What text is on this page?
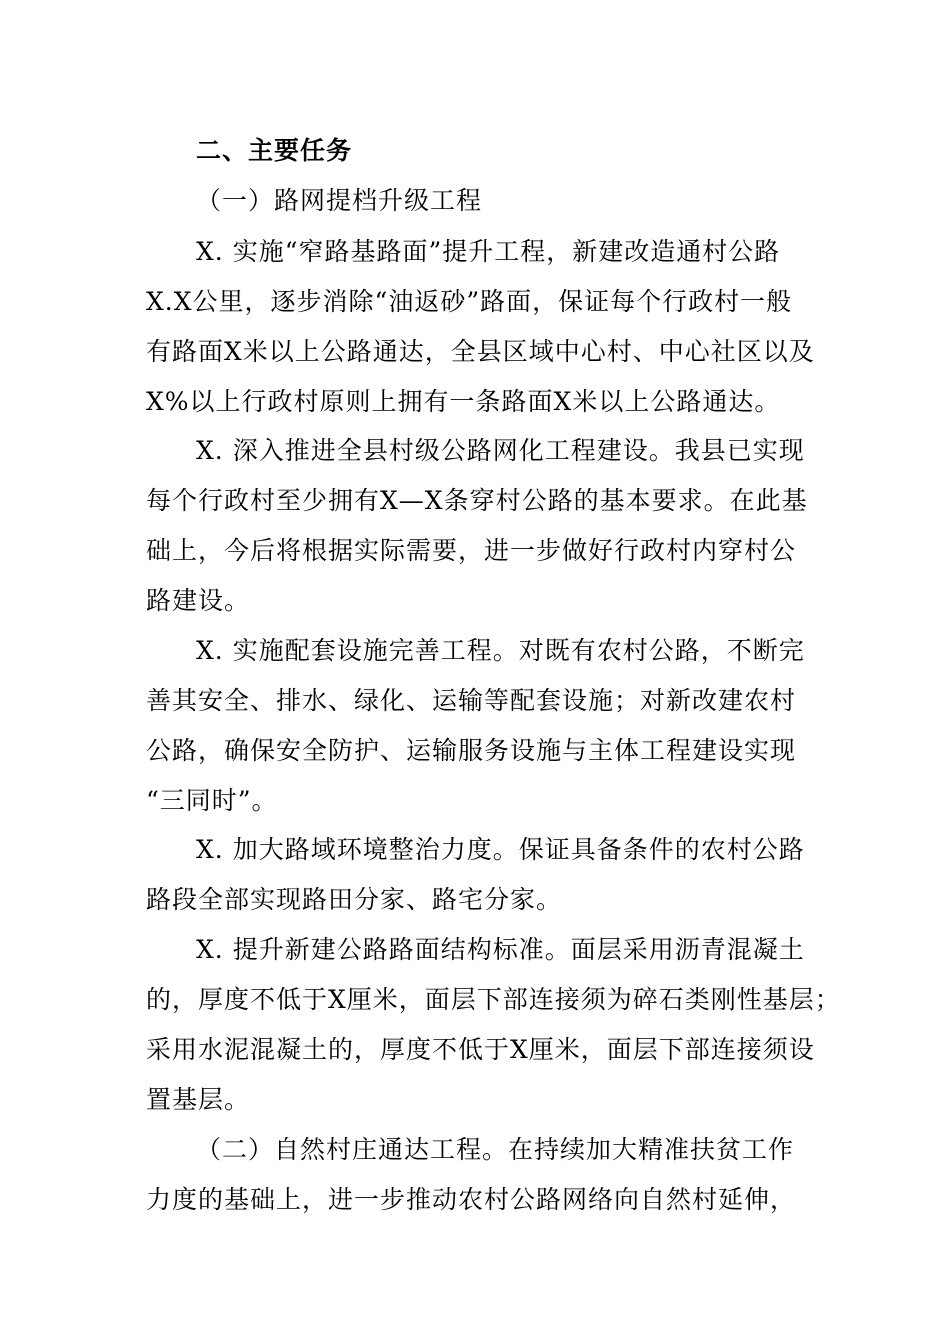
二、主要任务
（一）路网提档升级工程
X. 实施“窄路基路面”提升工程，新建改造通村公路
X.X公里，逐步消除“油返砂”路面，保证每个行政村一般
有路面X米以上公路通达，全县区域中心村、中心社区以及
X%以上行政村原则上拥有一条路面X米以上公路通达。
X. 深入推进全县村级公路网化工程建设。我县已实现
每个行政村至少拥有X—X条穿村公路的基本要求。在此基
础上，今后将根据实际需要，进一步做好行政村内穿村公
路建设。
X. 实施配套设施完善工程。对既有农村公路，不断完
善其安全、排水、绿化、运输等配套设施；对新改建农村
公路，确保安全防护、运输服务设施与主体工程建设实现
“三同时”。
X. 加大路域环境整治力度。保证具备条件的农村公路
路段全部实现路田分家、路宅分家。
X. 提升新建公路路面结构标准。面层采用沥青混凝土
的，厚度不低于X厘米，面层下部连接须为碎石类刚性基层；
采用水泥混凝土的，厚度不低于X厘米，面层下部连接须设
置基层。
（二）自然村庄通达工程。在持续加大精准扶贫工作
力度的基础上，进一步推动农村公路网络向自然村延伸，
